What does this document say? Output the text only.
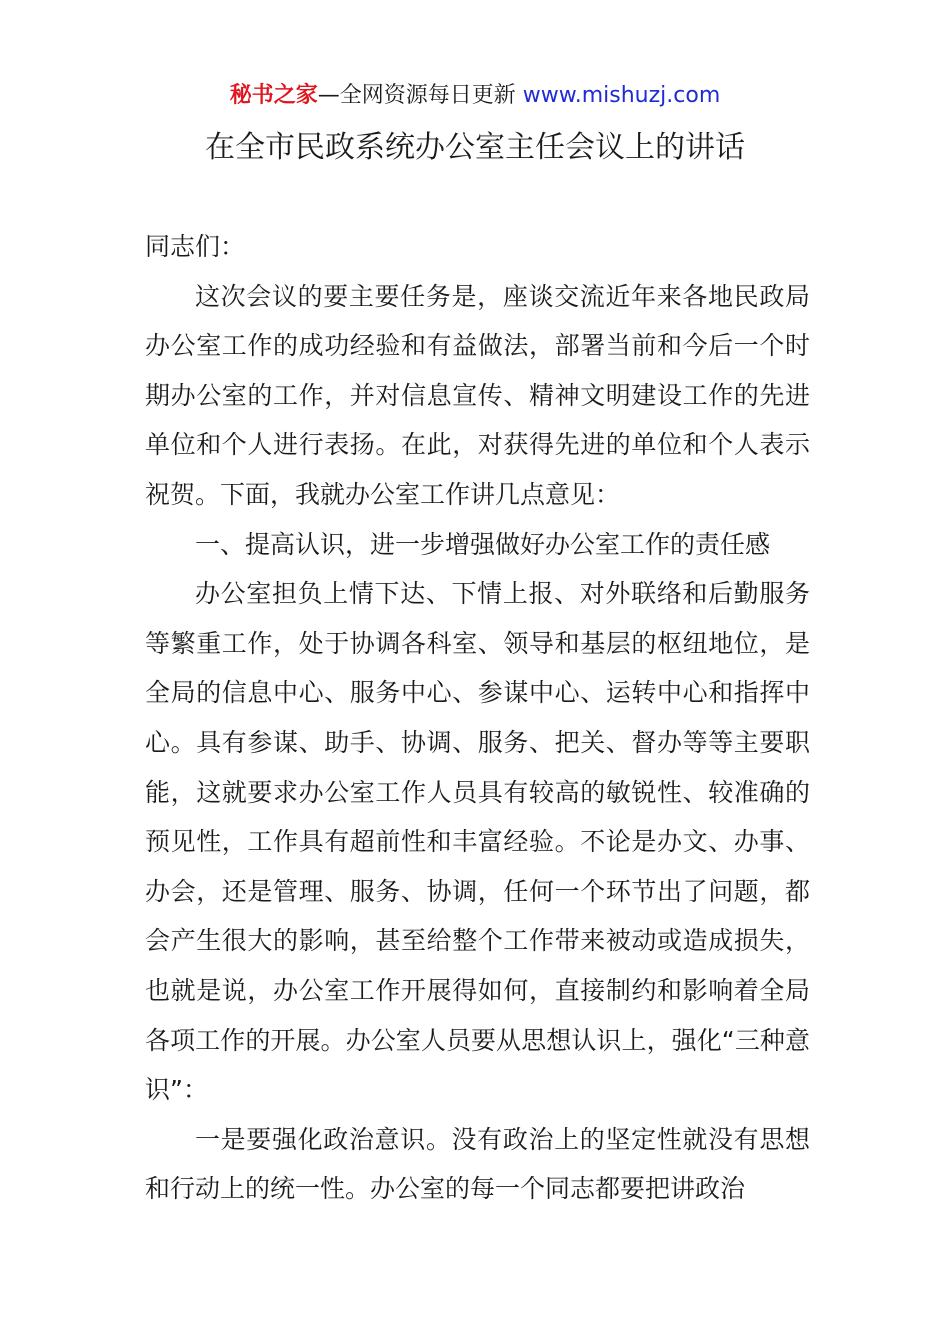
秘书之家—全网资源每日更新 www.mishuzj.com
在全市民政系统办公室主任会议上的讲话

同志们：

这次会议的要主要任务是，座谈交流近年来各地民政局办公室工作的成功经验和有益做法，部署当前和今后一个时期办公室的工作，并对信息宣传、精神文明建设工作的先进单位和个人进行表扬。在此，对获得先进的单位和个人表示祝贺。下面，我就办公室工作讲几点意见：

一、提高认识，进一步增强做好办公室工作的责任感

办公室担负上情下达、下情上报、对外联络和后勤服务等繁重工作，处于协调各科室、领导和基层的枢纽地位，是全局的信息中心、服务中心、参谋中心、运转中心和指挥中心。具有参谋、助手、协调、服务、把关、督办等等主要职能，这就要求办公室工作人员具有较高的敏锐性、较准确的预见性，工作具有超前性和丰富经验。不论是办文、办事、办会，还是管理、服务、协调，任何一个环节出了问题，都会产生很大的影响，甚至给整个工作带来被动或造成损失，也就是说，办公室工作开展得如何，直接制约和影响着全局各项工作的开展。办公室人员要从思想认识上，强化“三种意识”：

一是要强化政治意识。没有政治上的坚定性就没有思想和行动上的统一性。办公室的每一个同志都要把讲政治
